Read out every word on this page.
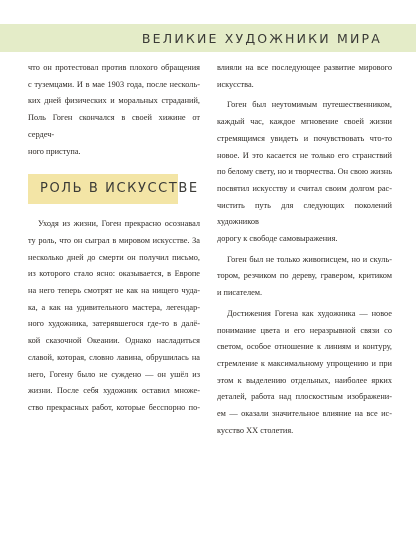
ВЕЛИКИЕ ХУДОЖНИКИ МИРА
что он протестовал против плохого обращения
с туземцами. И в мае 1903 года, после несколь-
ких дней физических и моральных страданий,
Поль Гоген скончался в своей хижине от сердеч-
ного приступа.
РОЛЬ В ИСКУССТВЕ
Уходя из жизни, Гоген прекрасно осознавал
ту роль, что он сыграл в мировом искусстве. За
несколько дней до смерти он получил письмо,
из которого стало ясно: оказывается, в Европе
на него теперь смотрят не как на нищего чуда-
ка, а как на удивительного мастера, легендар-
ного художника, затерявшегося где-то в далё-
кой сказочной Океании. Однако насладиться
славой, которая, словно лавина, обрушилась на
него, Гогену было не суждено — он ушёл из
жизни. После себя художник оставил множе-
ство прекрасных работ, которые бесспорно по-
влияли на все последующее развитие мирового
искусства.
Гоген был неутомимым путешественником,
каждый час, каждое мгновение своей жизни
стремящимся увидеть и почувствовать что-то
новое. И это касается не только его странствий
по белому свету, но и творчества. Он свою жизнь
посвятил искусству и считал своим долгом рас-
чистить путь для следующих поколений художников
дорогу к свободе самовыражения.
Гоген был не только живописцем, но и скуль-
тором, резчиком по дереву, гравером, критиком
и писателем.
Достижения Гогена как художника — новое
понимание цвета и его неразрывной связи со
светом, особое отношение к линиям и контуру,
стремление к максимальному упрощению и при
этом к выделению отдельных, наиболее ярких
деталей, работа над плоскостным изображени-
ем — оказали значительное влияние на все ис-
кусство XX столетия.
